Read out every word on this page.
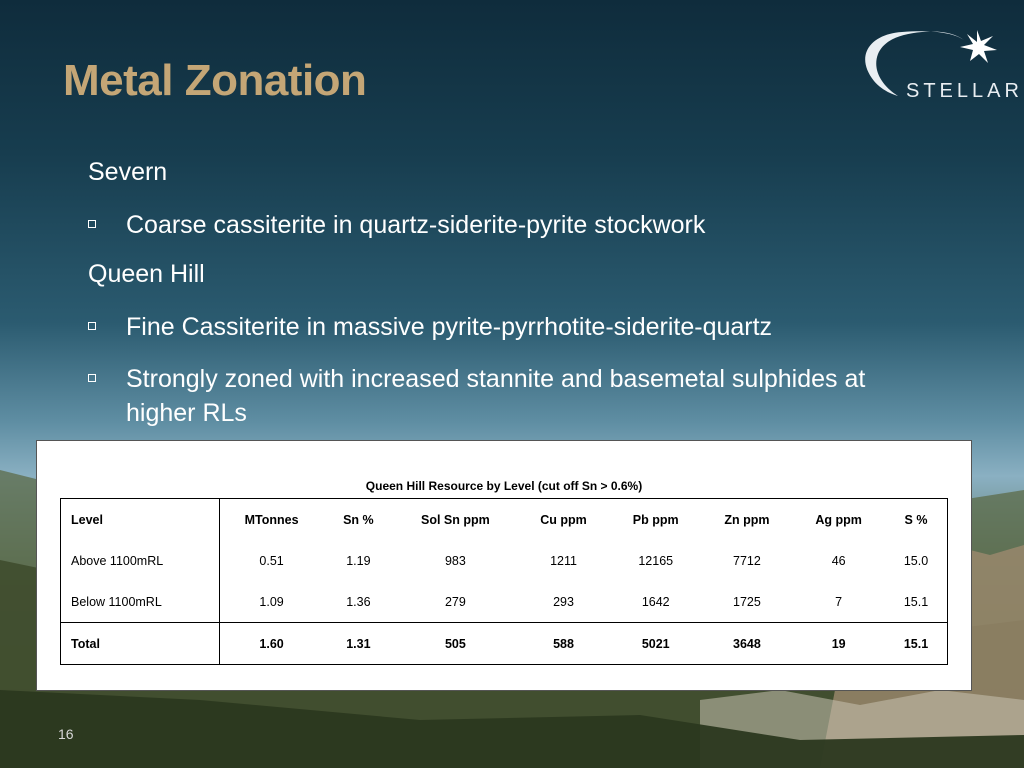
Metal Zonation	STELLAR
Severn
Coarse cassiterite in quartz-siderite-pyrite stockwork
Queen Hill
Fine Cassiterite in massive pyrite-pyrrhotite-siderite-quartz
Strongly zoned with increased stannite and basemetal sulphides at higher RLs
Queen Hill Resource by Level (cut off Sn > 0.6%)
Level	MTonnes	Sn %	Sol Sn ppm	Cu ppm	Pb ppm	Zn ppm	Ag ppm	S %
Above 1100mRL	0.51	1.19	983	1211	12165	7712	46	15.0
Below 1100mRL	1.09	1.36	279	293	1642	1725	7	15.1
Total	1.60	1.31	505	588	5021	3648	19	15.1
16
